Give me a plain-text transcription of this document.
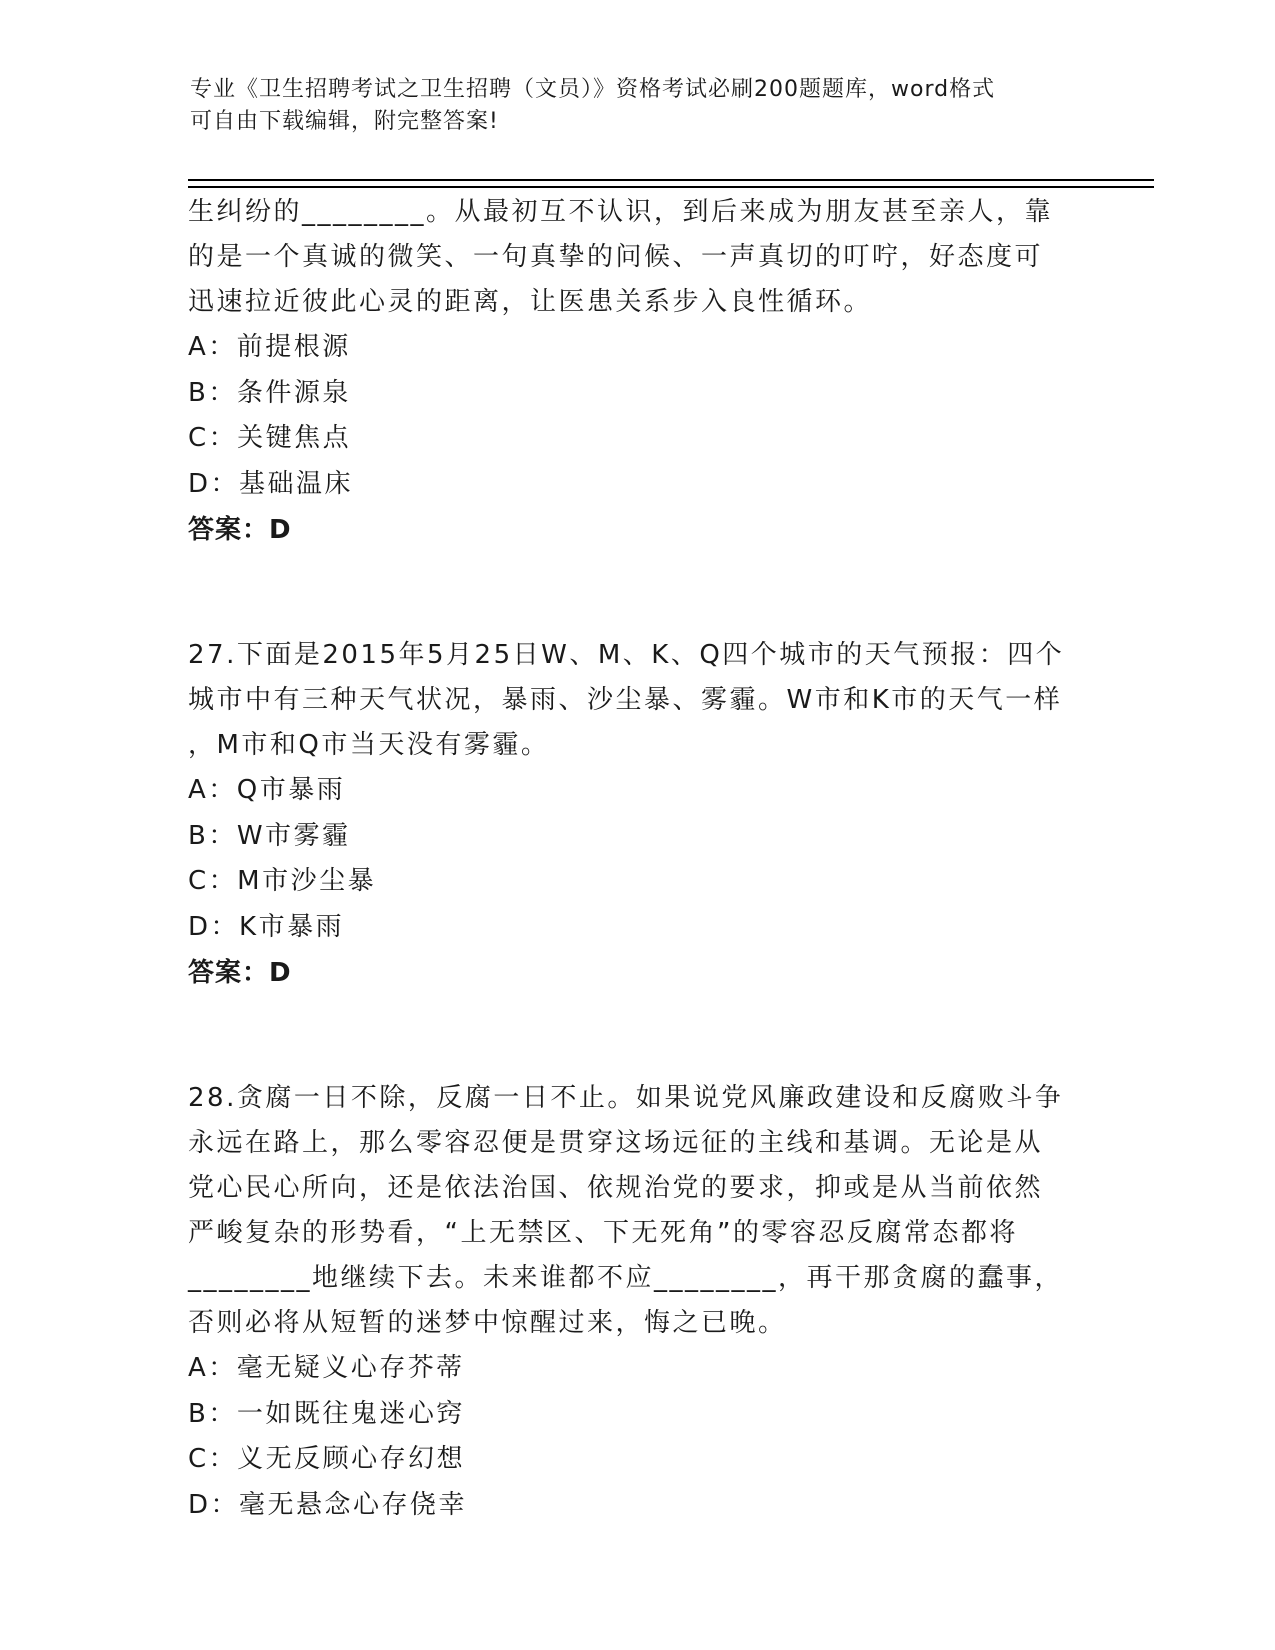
专业《卫生招聘考试之卫生招聘（文员）》资格考试必刷200题题库，word格式
可自由下载编辑，附完整答案!

生纠纷的________。从最初互不认识，到后来成为朋友甚至亲人，靠

的是一个真诚的微笑、一句真挚的问候、一声真切的叮咛，好态度可

迅速拉近彼此心灵的距离，让医患关系步入良性循环。

A：前提根源

B：条件源泉

C：关键焦点

D：基础温床

答案：D

27.下面是2015年5月25日W、M、K、Q四个城市的天气预报：四个

城市中有三种天气状况，暴雨、沙尘暴、雾霾。W市和K市的天气一样

，M市和Q市当天没有雾霾。

A：Q市暴雨

B：W市雾霾

C：M市沙尘暴

D：K市暴雨

答案：D

28.贪腐一日不除，反腐一日不止。如果说党风廉政建设和反腐败斗争

永远在路上，那么零容忍便是贯穿这场远征的主线和基调。无论是从

党心民心所向，还是依法治国、依规治党的要求，抑或是从当前依然

严峻复杂的形势看，“上无禁区、下无死角”的零容忍反腐常态都将

________地继续下去。未来谁都不应________，再干那贪腐的蠢事，

否则必将从短暂的迷梦中惊醒过来，悔之已晚。

A：毫无疑义心存芥蒂

B：一如既往鬼迷心窍

C：义无反顾心存幻想

D：毫无悬念心存侥幸
